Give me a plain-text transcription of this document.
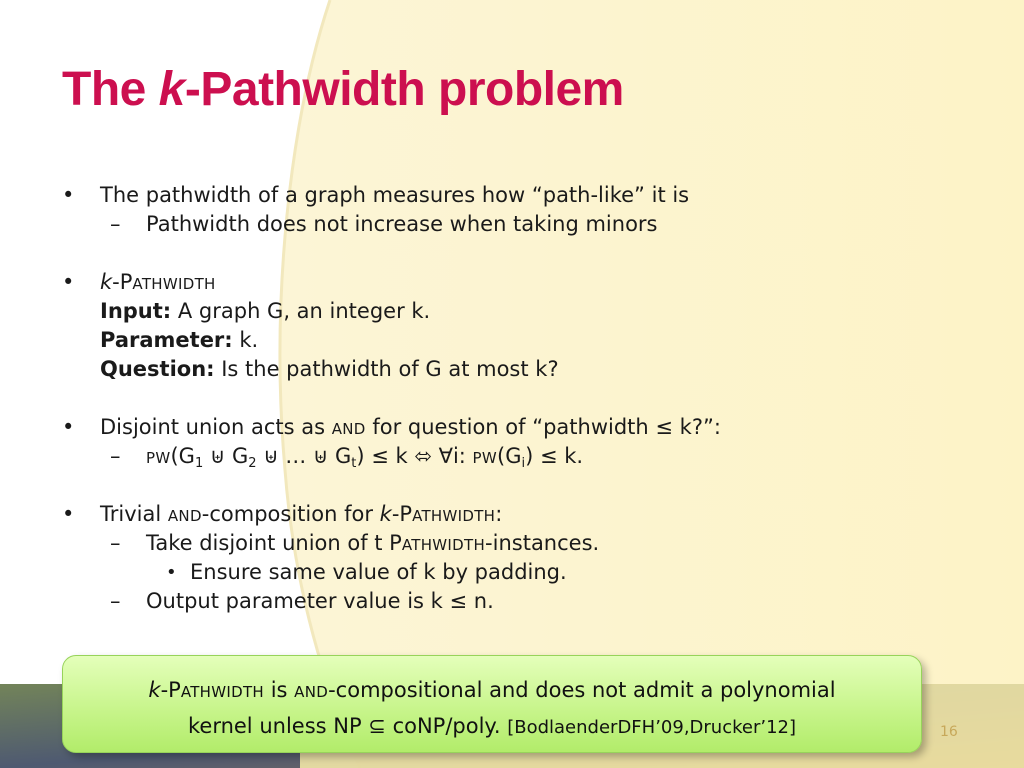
The k-Pathwidth problem
• The pathwidth of a graph measures how “path-like” it is
– Pathwidth does not increase when taking minors
• k-PATHWIDTH
Input: A graph G, an integer k.
Parameter: k.
Question: Is the pathwidth of G at most k?
• Disjoint union acts as AND for question of “pathwidth ≤ k?”:
– $PW(G_1$ ⊎ $G_2$ ⊎ … ⊎ $G_t) \le k$ ⬄ ∀i: $PW(G_i) \le k$.
• Trivial AND-composition for k-PATHWIDTH:
– Take disjoint union of t PATHWIDTH-instances.
• Ensure same value of k by padding.
– Output parameter value is k ≤ n.
k-PATHWIDTH is AND-compositional and does not admit a polynomial
kernel unless NP ⊆ coNP/poly. [BodlaenderDFH’09,Drucker’12]	16
